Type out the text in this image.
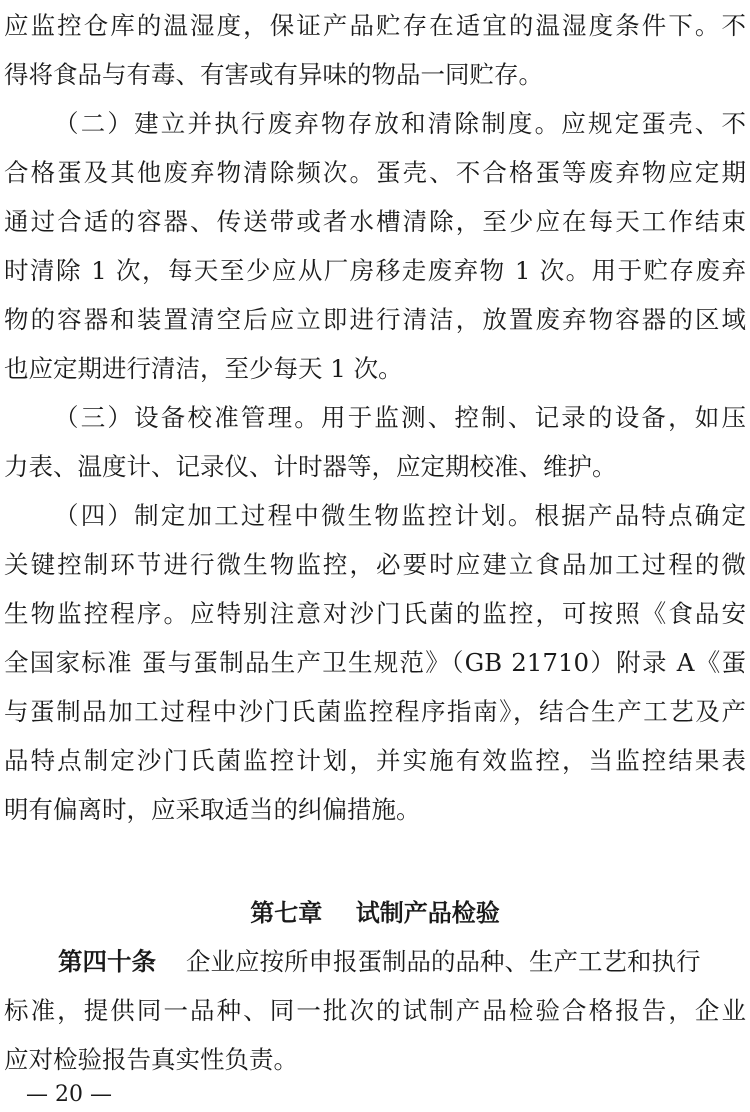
应监控仓库的温湿度，保证产品贮存在适宜的温湿度条件下。不
得将食品与有毒、有害或有异味的物品一同贮存。
（二）建立并执行废弃物存放和清除制度。应规定蛋壳、不
合格蛋及其他废弃物清除频次。蛋壳、不合格蛋等废弃物应定期
通过合适的容器、传送带或者水槽清除，至少应在每天工作结束
时清除 1 次，每天至少应从厂房移走废弃物 1 次。用于贮存废弃
物的容器和装置清空后应立即进行清洁，放置废弃物容器的区域
也应定期进行清洁，至少每天 1 次。
（三）设备校准管理。用于监测、控制、记录的设备，如压
力表、温度计、记录仪、计时器等，应定期校准、维护。
（四）制定加工过程中微生物监控计划。根据产品特点确定
关键控制环节进行微生物监控，必要时应建立食品加工过程的微
生物监控程序。应特别注意对沙门氏菌的监控，可按照《食品安
全国家标准 蛋与蛋制品生产卫生规范》（GB 21710）附录 A《蛋
与蛋制品加工过程中沙门氏菌监控程序指南》，结合生产工艺及产
品特点制定沙门氏菌监控计划，并实施有效监控，当监控结果表
明有偏离时，应采取适当的纠偏措施。
第七章    试制产品检验
第四十条 企业应按所申报蛋制品的品种、生产工艺和执行
标准，提供同一品种、同一批次的试制产品检验合格报告，企业
应对检验报告真实性负责。
— 20 —
